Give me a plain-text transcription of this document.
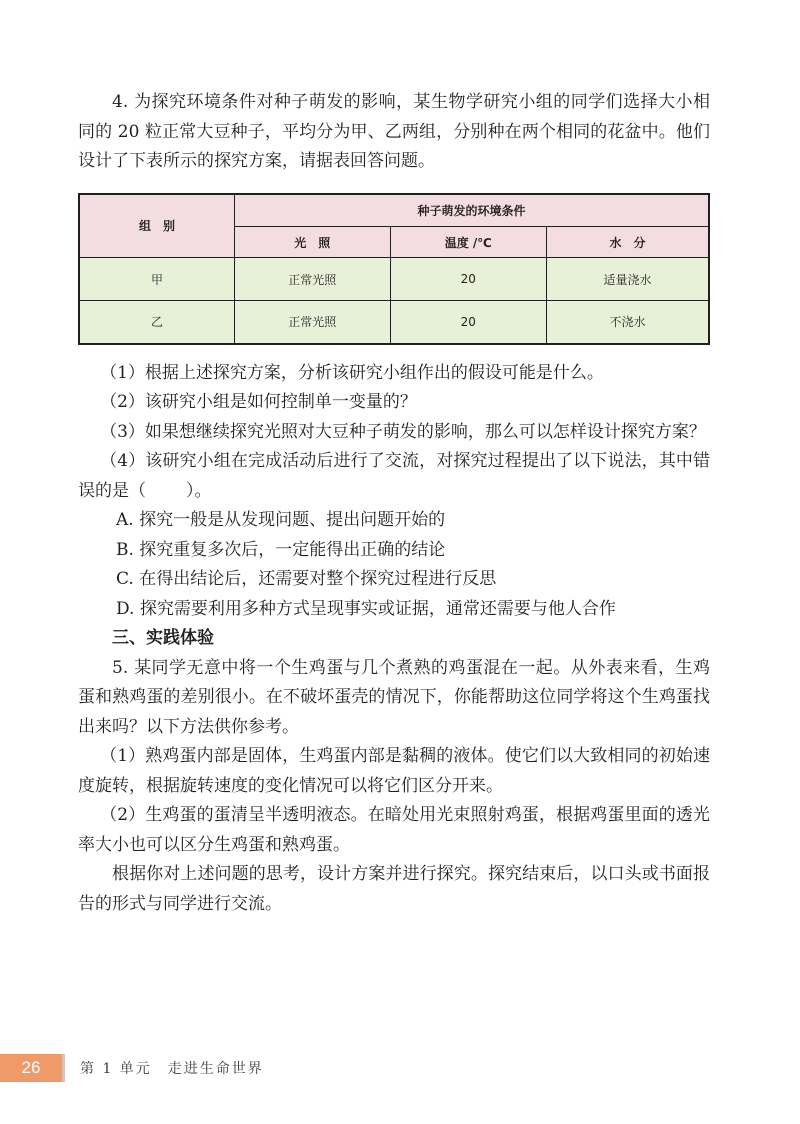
4. 为探究环境条件对种子萌发的影响，某生物学研究小组的同学们选择大小相同的 20 粒正常大豆种子，平均分为甲、乙两组，分别种在两个相同的花盆中。他们设计了下表所示的探究方案，请据表回答问题。

组　别	种子萌发的环境条件		
	光　照	温度 /℃	水　分
甲	正常光照	20	适量浇水
乙	正常光照	20	不浇水

（1）根据上述探究方案，分析该研究小组作出的假设可能是什么。

（2）该研究小组是如何控制单一变量的？

（3）如果想继续探究光照对大豆种子萌发的影响，那么可以怎样设计探究方案？

（4）该研究小组在完成活动后进行了交流，对探究过程提出了以下说法，其中错误的是（ ）。

A. 探究一般是从发现问题、提出问题开始的

B. 探究重复多次后，一定能得出正确的结论

C. 在得出结论后，还需要对整个探究过程进行反思

D. 探究需要利用多种方式呈现事实或证据，通常还需要与他人合作

三、实践体验

5. 某同学无意中将一个生鸡蛋与几个煮熟的鸡蛋混在一起。从外表来看，生鸡蛋和熟鸡蛋的差别很小。在不破坏蛋壳的情况下，你能帮助这位同学将这个生鸡蛋找出来吗？以下方法供你参考。

（1）熟鸡蛋内部是固体，生鸡蛋内部是黏稠的液体。使它们以大致相同的初始速度旋转，根据旋转速度的变化情况可以将它们区分开来。

（2）生鸡蛋的蛋清呈半透明液态。在暗处用光束照射鸡蛋，根据鸡蛋里面的透光率大小也可以区分生鸡蛋和熟鸡蛋。

根据你对上述问题的思考，设计方案并进行探究。探究结束后，以口头或书面报告的形式与同学进行交流。

26	第 1 单元　走进生命世界
